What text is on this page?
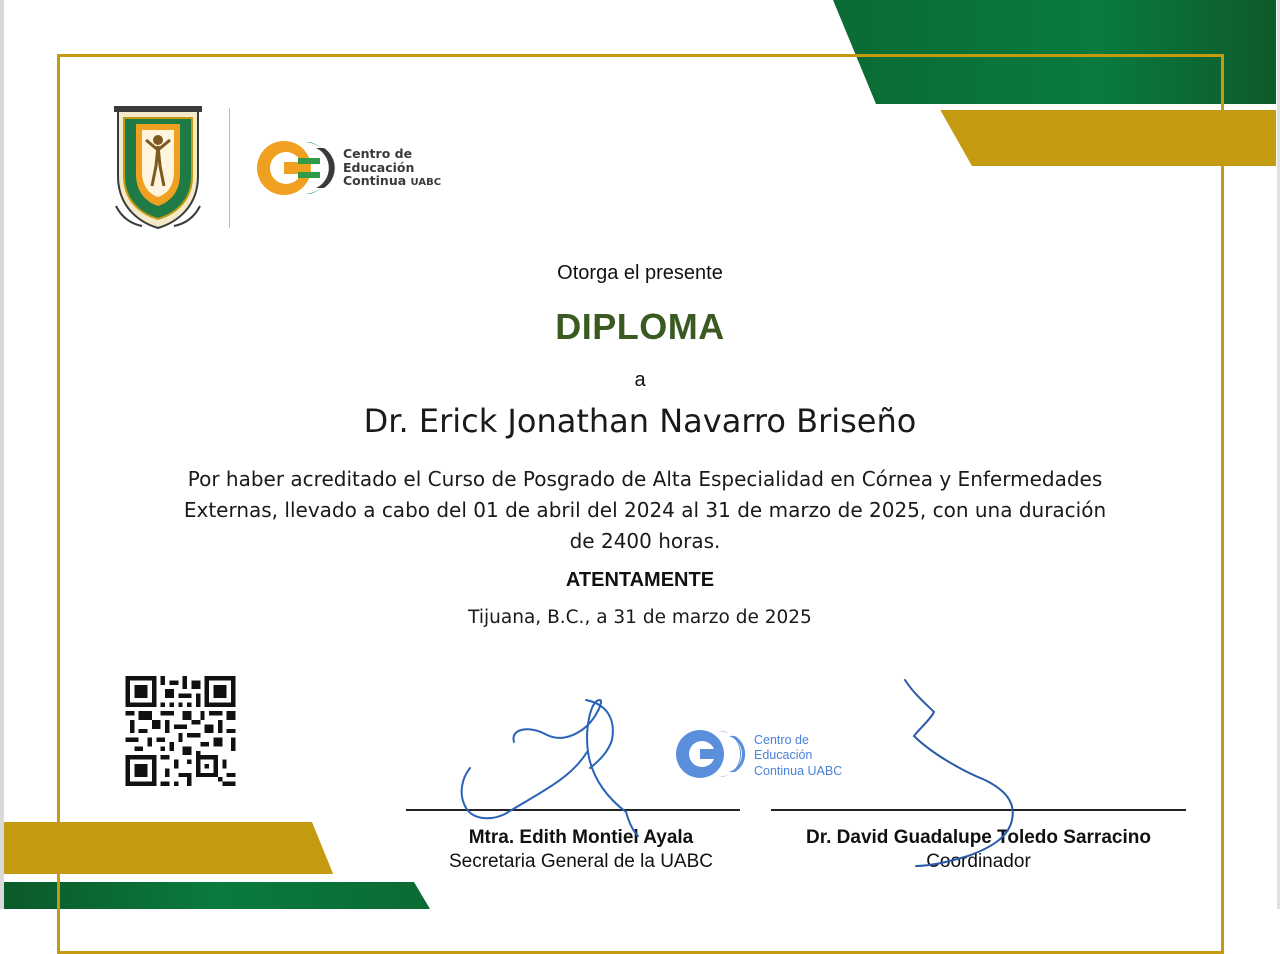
Centro de
Educación
Continua UABC
Otorga el presente
DIPLOMA
a
Dr. Erick Jonathan Navarro Briseño
Por haber acreditado el Curso de Posgrado de Alta Especialidad en Córnea y Enfermedades
Externas, llevado a cabo del 01 de abril del 2024 al 31 de marzo de 2025, con una duración
de 2400 horas.
ATENTAMENTE
Tijuana, B.C., a 31 de marzo de 2025
Centro de
Educación
Continua UABC
Mtra. Edith Montiel Ayala
Secretaria General de la UABC
Dr. David Guadalupe Toledo Sarracino
Coordinador
